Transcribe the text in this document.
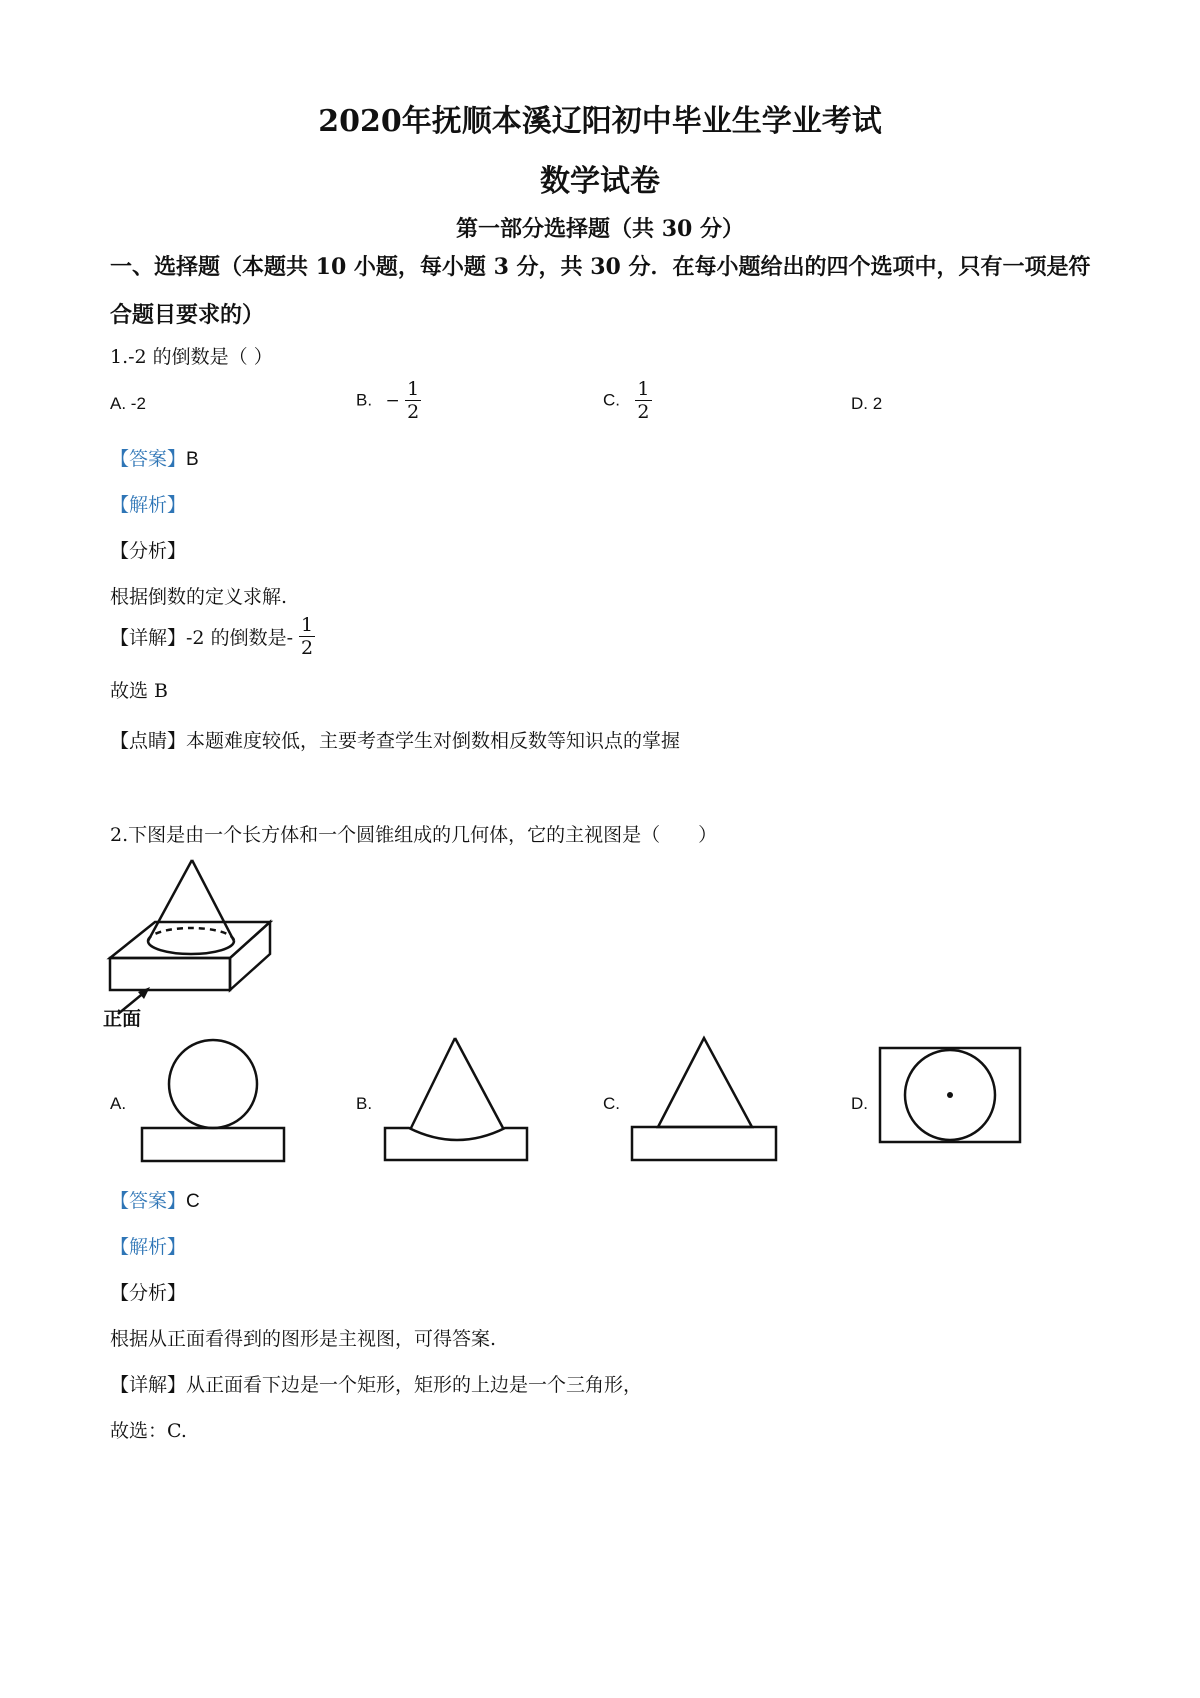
2020年抚顺本溪辽阳初中毕业生学业考试
数学试卷
第一部分选择题（共 30 分）
一、选择题（本题共 10 小题，每小题 3 分，共 30 分．在每小题给出的四个选项中，只有一项是符合题目要求的）
1.-2 的倒数是（ ）
A. -2	B. − $\frac{1}{2}$	C. $\frac{1}{2}$	D. 2
【答案】B
【解析】
【分析】
根据倒数的定义求解.
【详解】-2 的倒数是- $\frac{1}{2}$
故选 B
【点睛】本题难度较低，主要考查学生对倒数相反数等知识点的掌握
2.下图是由一个长方体和一个圆锥组成的几何体，它的主视图是（　　）
正面
A.	B.	C.	D.
【答案】C
【解析】
【分析】
根据从正面看得到的图形是主视图，可得答案.
【详解】从正面看下边是一个矩形，矩形的上边是一个三角形，
故选：C.
